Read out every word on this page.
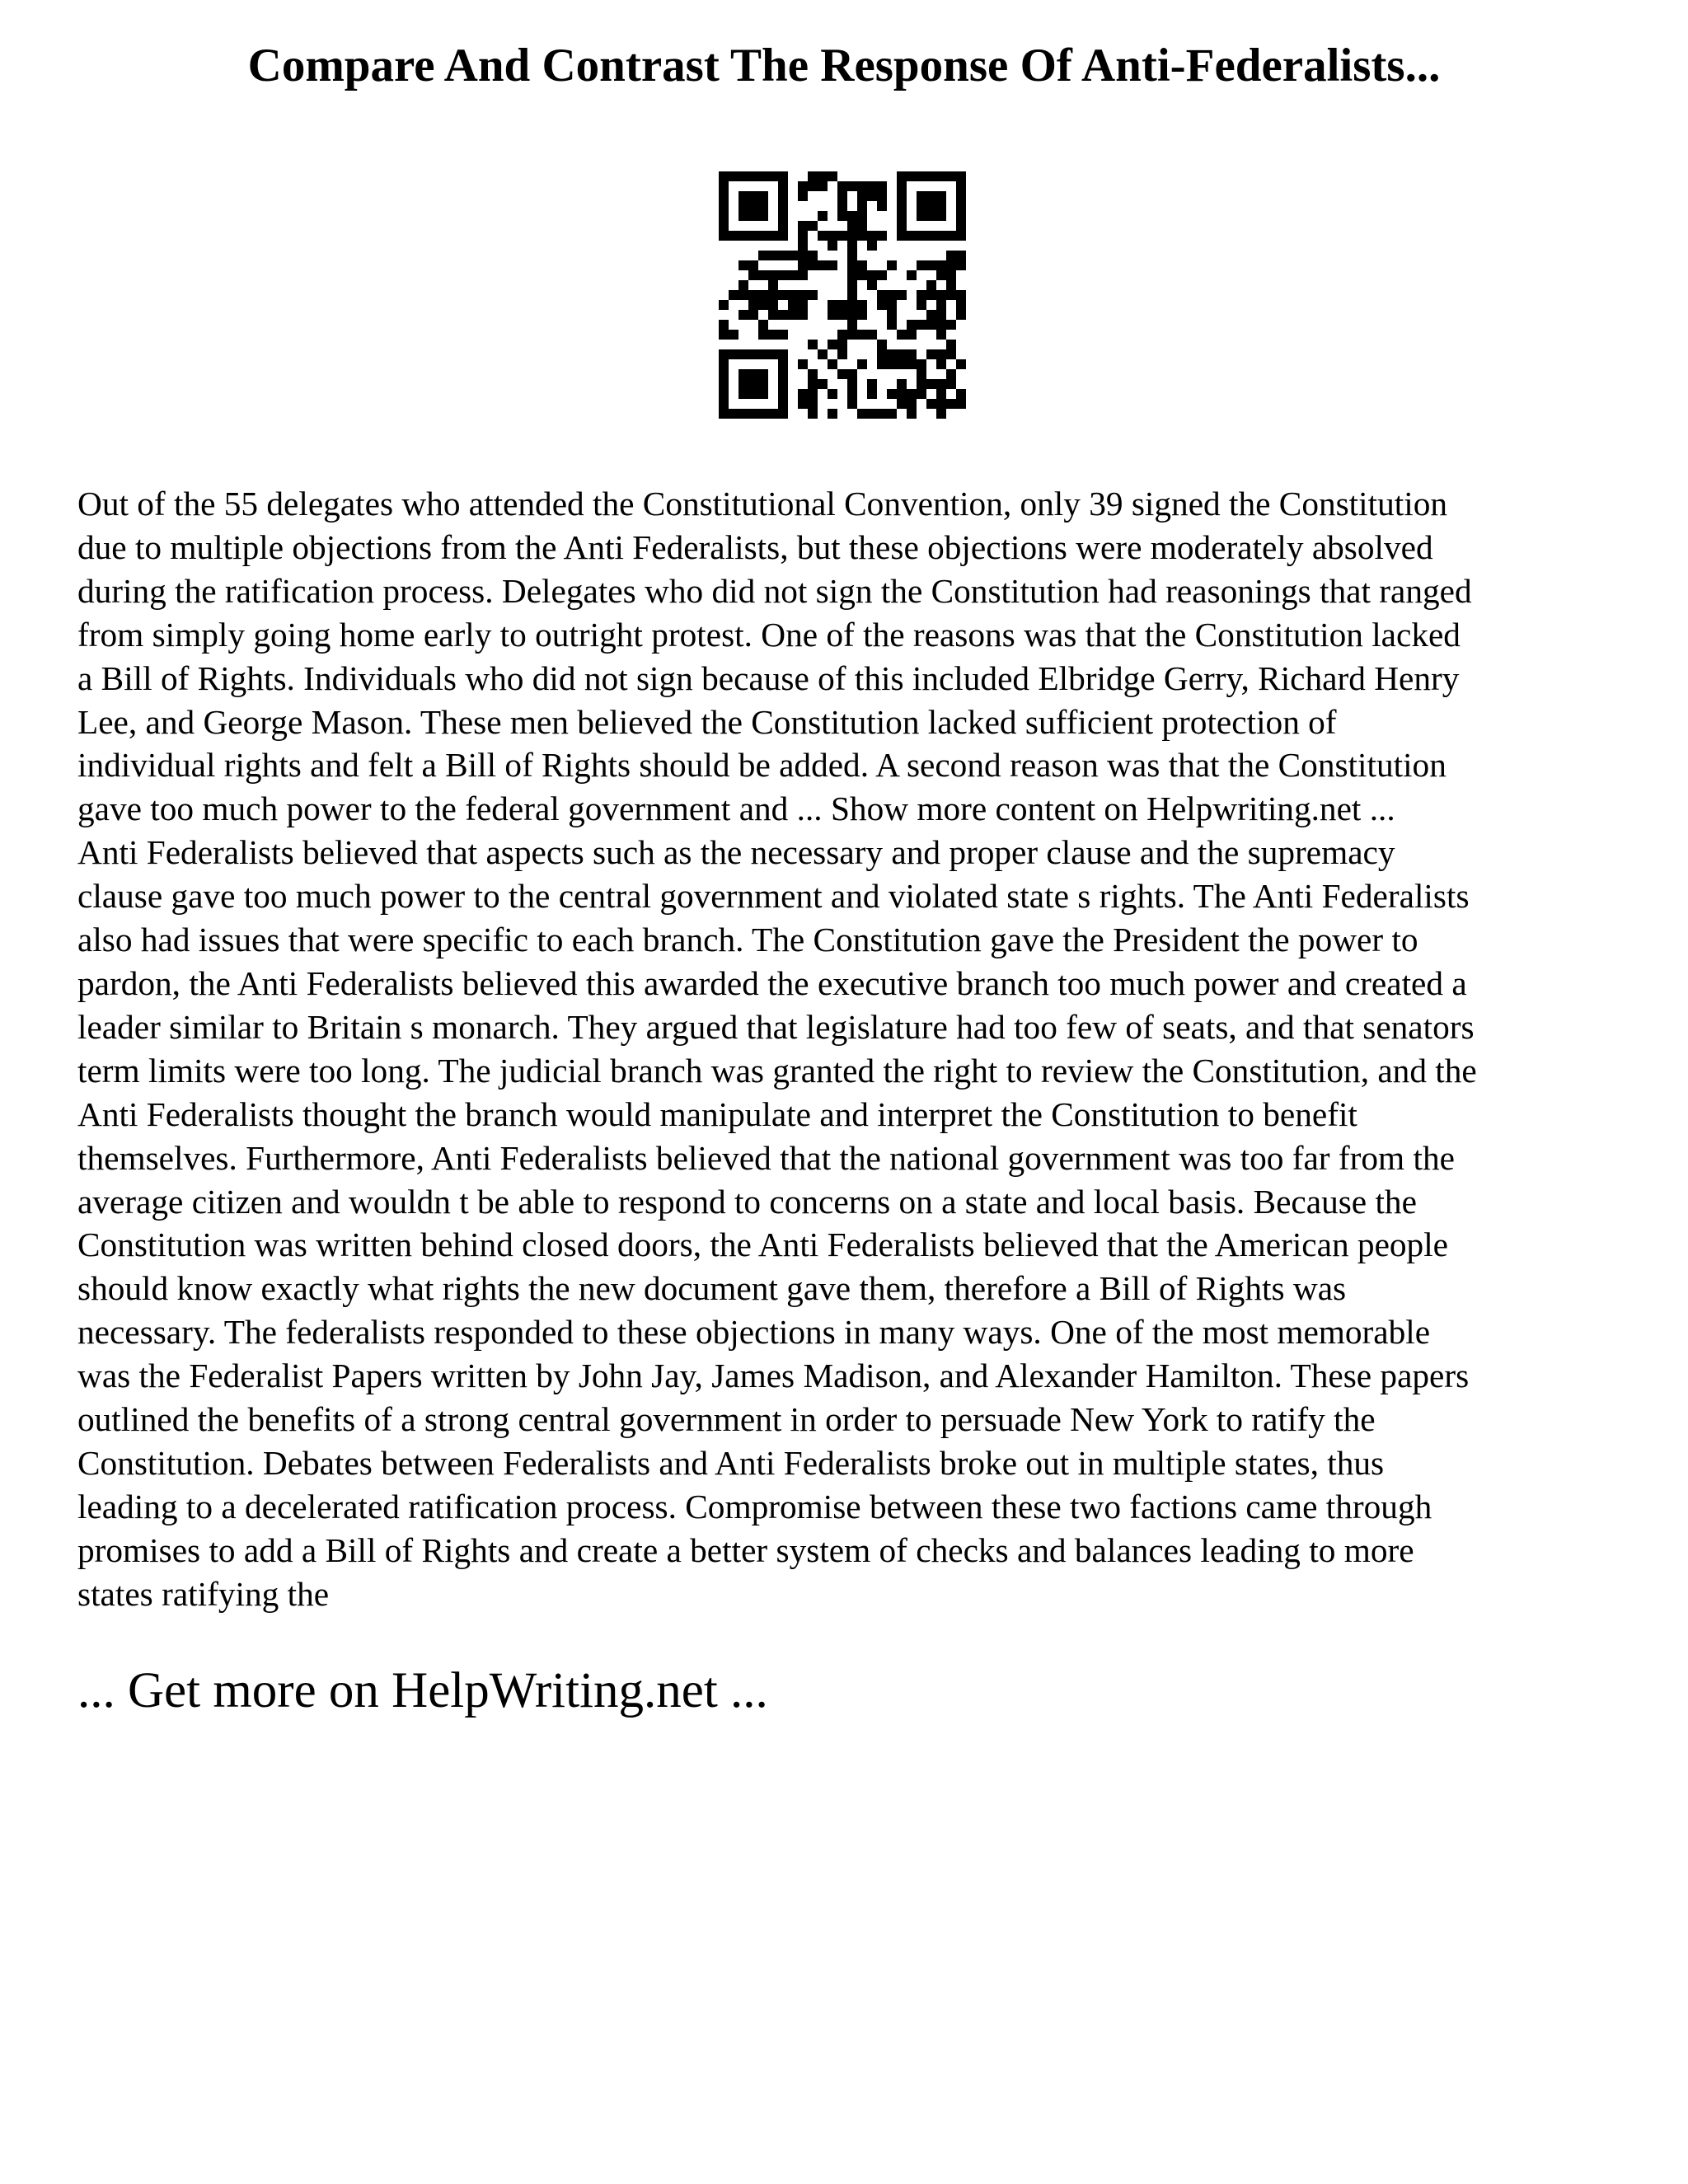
Compare And Contrast The Response Of Anti-Federalists...
Out of the 55 delegates who attended the Constitutional Convention, only 39 signed the Constitution
due to multiple objections from the Anti Federalists, but these objections were moderately absolved
during the ratification process. Delegates who did not sign the Constitution had reasonings that ranged
from simply going home early to outright protest. One of the reasons was that the Constitution lacked
a Bill of Rights. Individuals who did not sign because of this included Elbridge Gerry, Richard Henry
Lee, and George Mason. These men believed the Constitution lacked sufficient protection of
individual rights and felt a Bill of Rights should be added. A second reason was that the Constitution
gave too much power to the federal government and ... Show more content on Helpwriting.net ...
Anti Federalists believed that aspects such as the necessary and proper clause and the supremacy
clause gave too much power to the central government and violated state s rights. The Anti Federalists
also had issues that were specific to each branch. The Constitution gave the President the power to
pardon, the Anti Federalists believed this awarded the executive branch too much power and created a
leader similar to Britain s monarch. They argued that legislature had too few of seats, and that senators
term limits were too long. The judicial branch was granted the right to review the Constitution, and the
Anti Federalists thought the branch would manipulate and interpret the Constitution to benefit
themselves. Furthermore, Anti Federalists believed that the national government was too far from the
average citizen and wouldn t be able to respond to concerns on a state and local basis. Because the
Constitution was written behind closed doors, the Anti Federalists believed that the American people
should know exactly what rights the new document gave them, therefore a Bill of Rights was
necessary. The federalists responded to these objections in many ways. One of the most memorable
was the Federalist Papers written by John Jay, James Madison, and Alexander Hamilton. These papers
outlined the benefits of a strong central government in order to persuade New York to ratify the
Constitution. Debates between Federalists and Anti Federalists broke out in multiple states, thus
leading to a decelerated ratification process. Compromise between these two factions came through
promises to add a Bill of Rights and create a better system of checks and balances leading to more
states ratifying the

... Get more on HelpWriting.net ...
